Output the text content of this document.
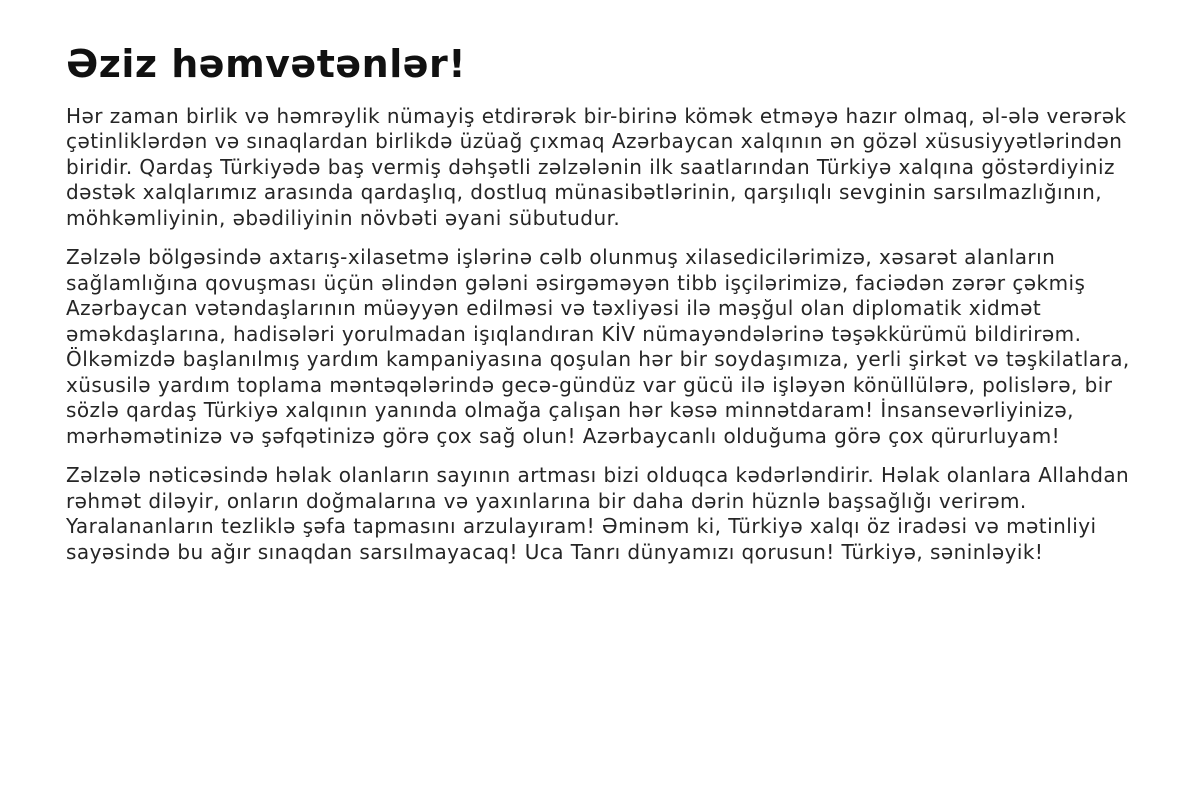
Əziz həmvətənlər!

Hər zaman birlik və həmrəylik nümayiş etdirərək bir-birinə kömək etməyə hazır olmaq, əl-ələ verərək çətinliklərdən və sınaqlardan birlikdə üzüağ çıxmaq Azərbaycan xalqının ən gözəl xüsusiyyətlərindən biridir. Qardaş Türkiyədə baş vermiş dəhşətli zəlzələnin ilk saatlarından Türkiyə xalqına göstərdiyiniz dəstək xalqlarımız arasında qardaşlıq, dostluq münasibətlərinin, qarşılıqlı sevginin sarsılmazlığının, möhkəmliyinin, əbədiliyinin növbəti əyani sübutudur.

Zəlzələ bölgəsində axtarış-xilasetmə işlərinə cəlb olunmuş xilasedicilərimizə, xəsarət alanların sağlamlığına qovuşması üçün əlindən gələni əsirgəməyən tibb işçilərimizə, faciədən zərər çəkmiş Azərbaycan vətəndaşlarının müəyyən edilməsi və təxliyəsi ilə məşğul olan diplomatik xidmət əməkdaşlarına, hadisələri yorulmadan işıqlandıran KİV nümayəndələrinə təşəkkürümü bildirirəm. Ölkəmizdə başlanılmış yardım kampaniyasına qoşulan hər bir soydaşımıza, yerli şirkət və təşkilatlara, xüsusilə yardım toplama məntəqələrində gecə-gündüz var gücü ilə işləyən könüllülərə, polislərə, bir sözlə qardaş Türkiyə xalqının yanında olmağa çalışan hər kəsə minnətdaram! İnsansevərliyinizə, mərhəmətinizə və şəfqətinizə görə çox sağ olun! Azərbaycanlı olduğuma görə çox qürurluyam!

Zəlzələ nəticəsində həlak olanların sayının artması bizi olduqca kədərləndirir. Həlak olanlara Allahdan rəhmət diləyir, onların doğmalarına və yaxınlarına bir daha dərin hüznlə başsağlığı verirəm. Yaralananların tezliklə şəfa tapmasını arzulayıram! Əminəm ki, Türkiyə xalqı öz iradəsi və mətinliyi sayəsində bu ağır sınaqdan sarsılmayacaq! Uca Tanrı dünyamızı qorusun! Türkiyə, səninləyik!
